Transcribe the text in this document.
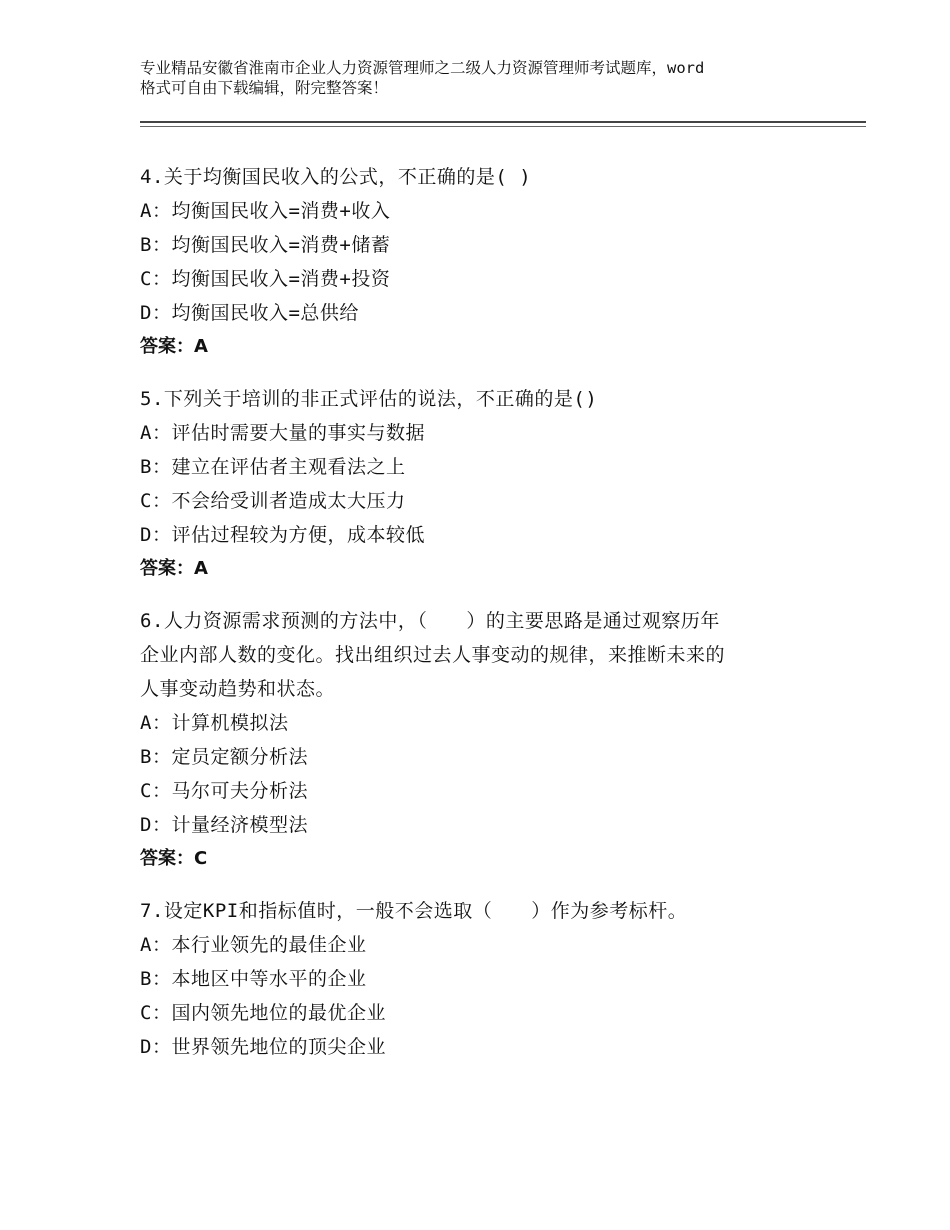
专业精品安徽省淮南市企业人力资源管理师之二级人力资源管理师考试题库，word
格式可自由下载编辑，附完整答案！
4.关于均衡国民收入的公式，不正确的是( )
A：均衡国民收入=消费+收入
B：均衡国民收入=消费+储蓄
C：均衡国民收入=消费+投资
D：均衡国民收入=总供给
答案：A
5.下列关于培训的非正式评估的说法，不正确的是()
A：评估时需要大量的事实与数据
B：建立在评估者主观看法之上
C：不会给受训者造成太大压力
D：评估过程较为方便，成本较低
答案：A
6.人力资源需求预测的方法中，（　　）的主要思路是通过观察历年
企业内部人数的变化。找出组织过去人事变动的规律，来推断未来的
人事变动趋势和状态。
A：计算机模拟法
B：定员定额分析法
C：马尔可夫分析法
D：计量经济模型法
答案：C
7.设定KPI和指标值时，一般不会选取（　　）作为参考标杆。
A：本行业领先的最佳企业
B：本地区中等水平的企业
C：国内领先地位的最优企业
D：世界领先地位的顶尖企业
